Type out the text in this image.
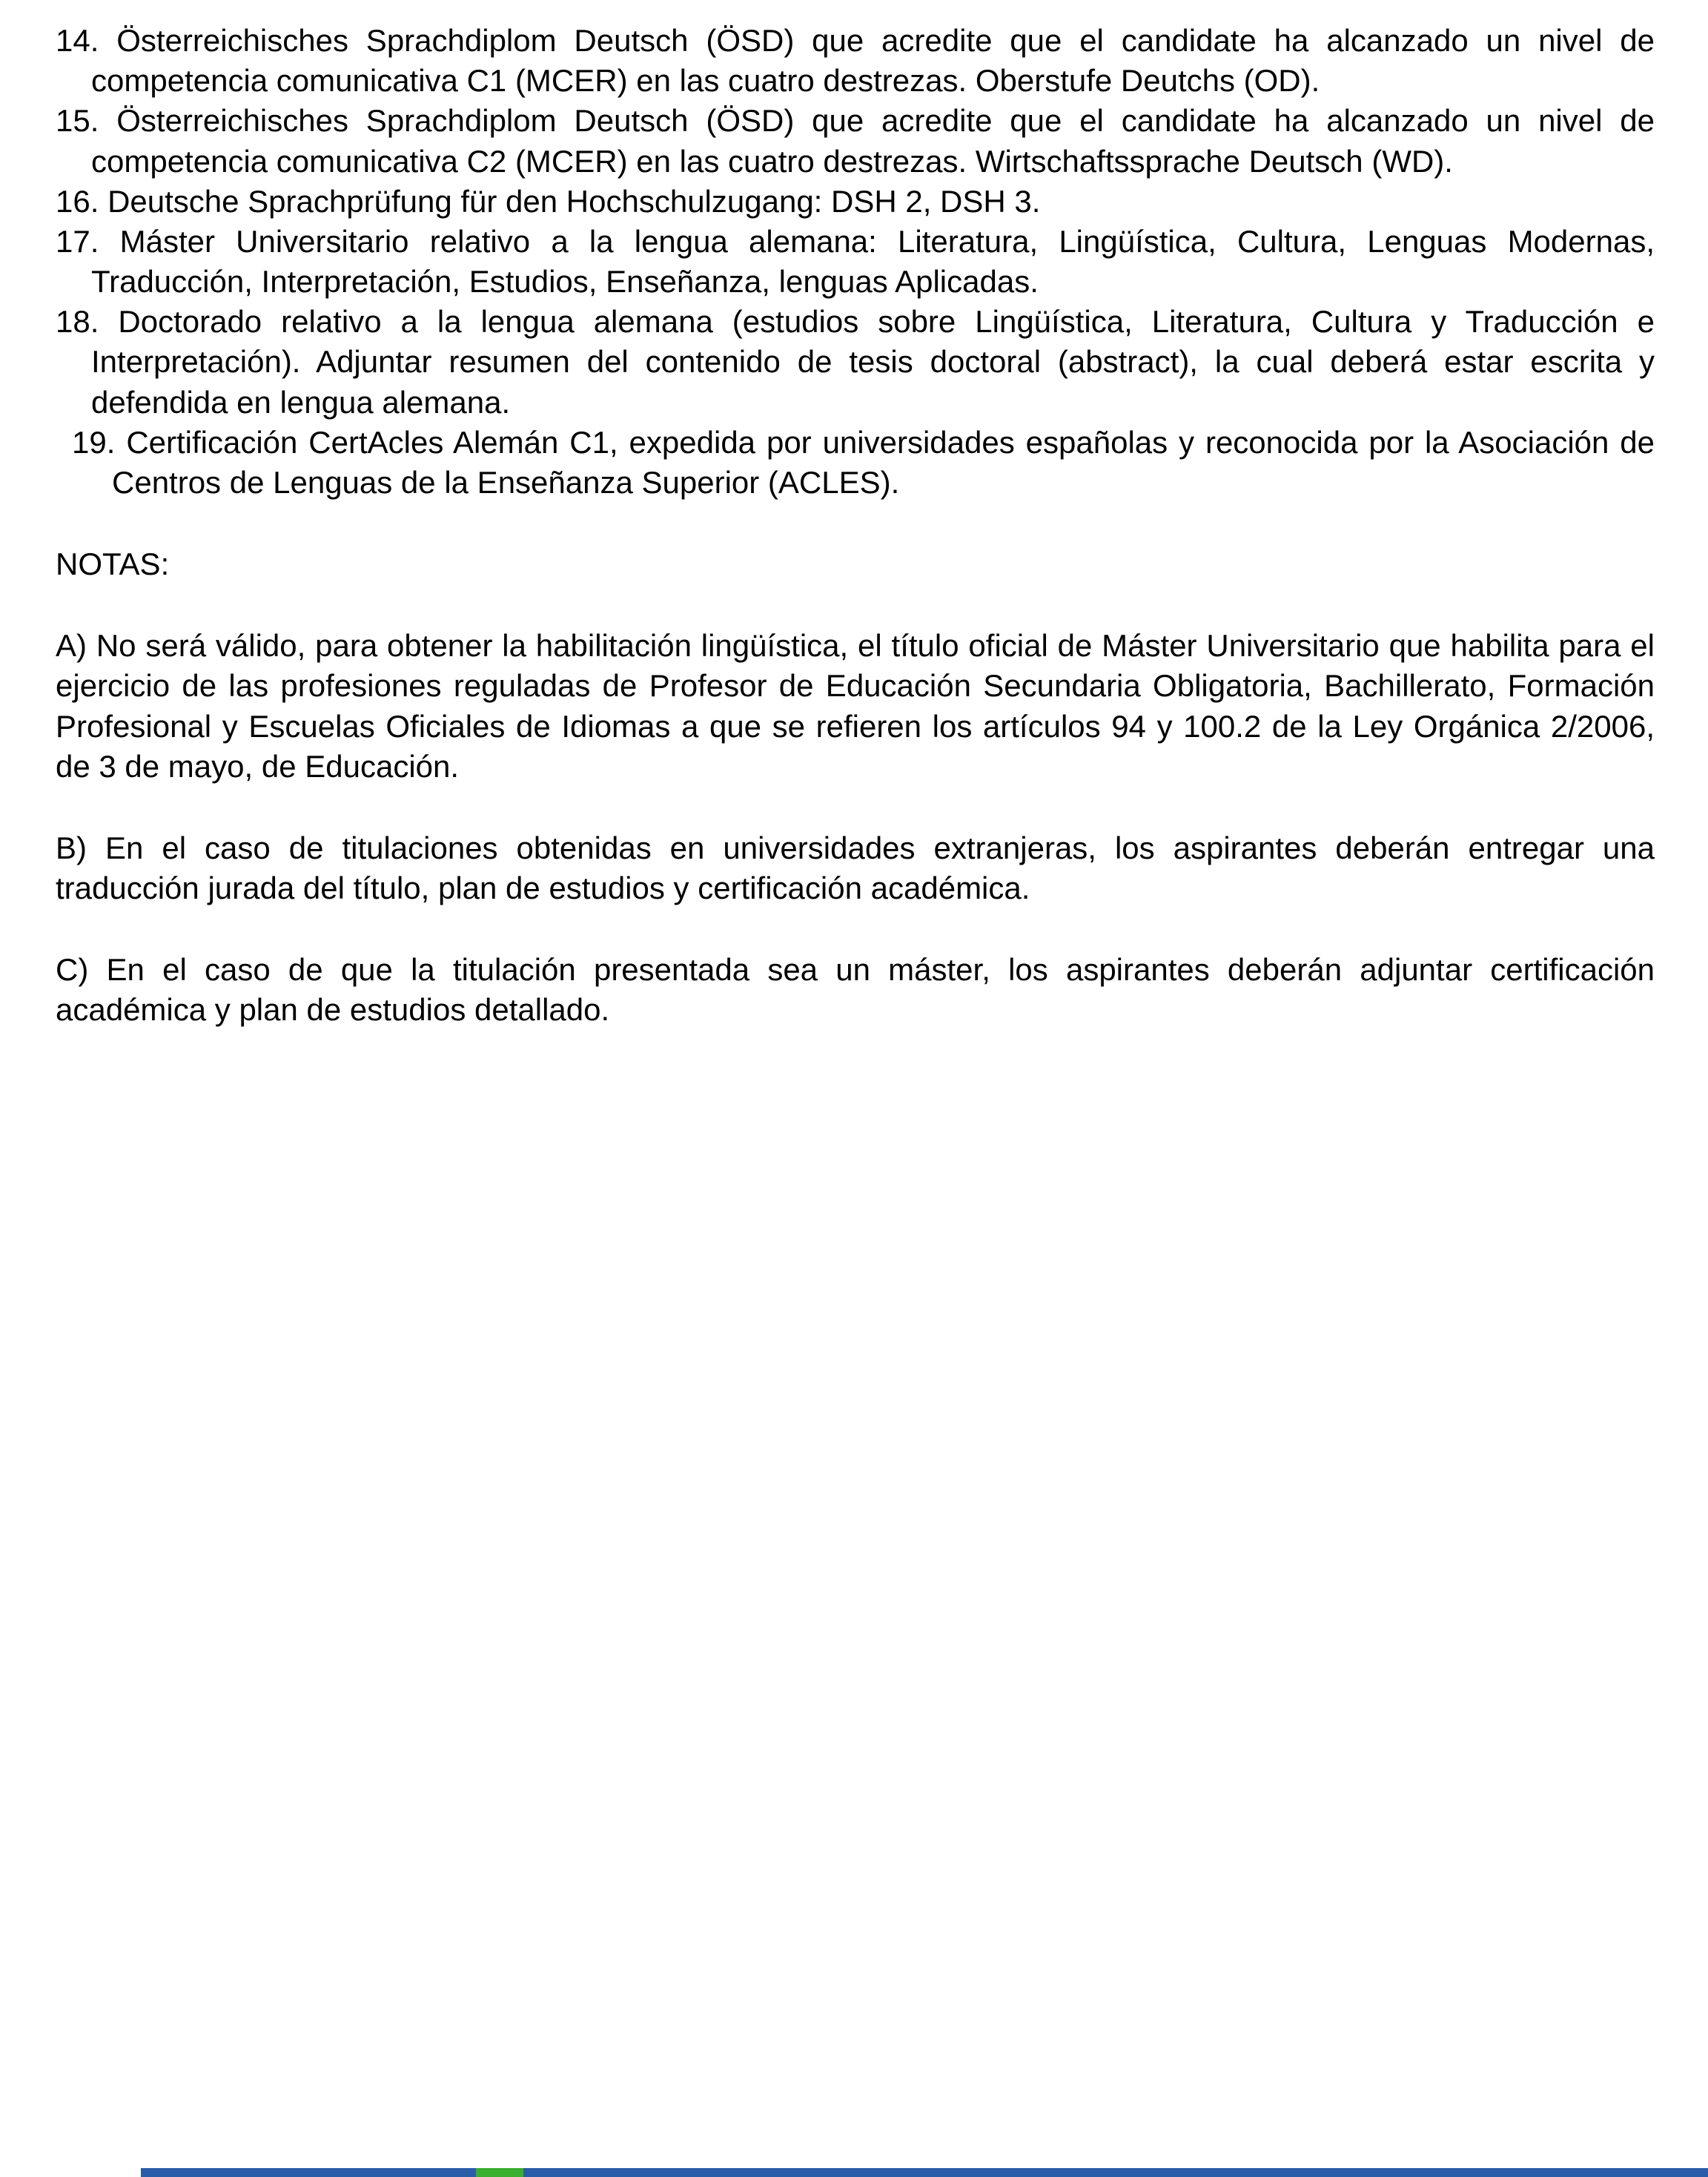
14. Österreichisches Sprachdiplom Deutsch (ÖSD) que acredite que el candidate ha alcanzado un nivel de competencia comunicativa C1 (MCER) en las cuatro destrezas. Oberstufe Deutchs (OD).
15. Österreichisches Sprachdiplom Deutsch (ÖSD) que acredite que el candidate ha alcanzado un nivel de competencia comunicativa C2 (MCER) en las cuatro destrezas. Wirtschaftssprache Deutsch (WD).
16. Deutsche Sprachprüfung für den Hochschulzugang: DSH 2, DSH 3.
17. Máster Universitario relativo a la lengua alemana: Literatura, Lingüística, Cultura, Lenguas Modernas, Traducción, Interpretación, Estudios, Enseñanza, lenguas Aplicadas.
18. Doctorado relativo a la lengua alemana (estudios sobre Lingüística, Literatura, Cultura y Traducción e Interpretación). Adjuntar resumen del contenido de tesis doctoral (abstract), la cual deberá estar escrita y defendida en lengua alemana.
19. Certificación CertAcles Alemán C1, expedida por universidades españolas y reconocida por la Asociación de Centros de Lenguas de la Enseñanza Superior (ACLES).
NOTAS:
A) No será válido, para obtener la habilitación lingüística, el título oficial de Máster Universitario que habilita para el ejercicio de las profesiones reguladas de Profesor de Educación Secundaria Obligatoria, Bachillerato, Formación Profesional y Escuelas Oficiales de Idiomas a que se refieren los artículos 94 y 100.2 de la Ley Orgánica 2/2006, de 3 de mayo, de Educación.
B) En el caso de titulaciones obtenidas en universidades extranjeras, los aspirantes deberán entregar una traducción jurada del título, plan de estudios y certificación académica.
C) En el caso de que la titulación presentada sea un máster, los aspirantes deberán adjuntar certificación académica y plan de estudios detallado.
